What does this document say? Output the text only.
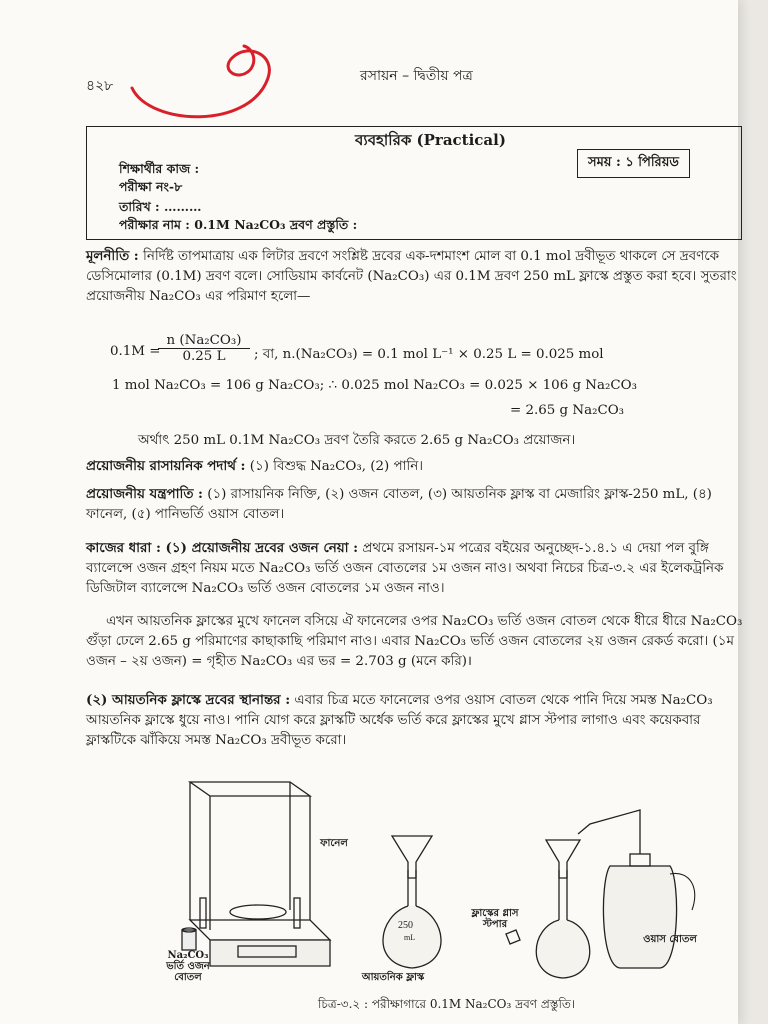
৪২৮
রসায়ন – দ্বিতীয় পত্র
ব্যবহারিক (Practical)
সময় : ১ পিরিয়ড
শিক্ষার্থীর কাজ :
পরীক্ষা নং-৮
তারিখ : ………
পরীক্ষার নাম : 0.1M Na₂CO₃ দ্রবণ প্রস্তুতি :
মূলনীতি : নির্দিষ্ট তাপমাত্রায় এক লিটার দ্রবণে সংশ্লিষ্ট দ্রবের এক-দশমাংশ মোল বা 0.1 mol দ্রবীভূত থাকলে সে দ্রবণকে ডেসিমোলার (0.1M) দ্রবণ বলে। সোডিয়াম কার্বনেট (Na₂CO₃) এর 0.1M দ্রবণ 250 mL ফ্লাস্কে প্রস্তুত করা হবে। সুতরাং প্রয়োজনীয় Na₂CO₃ এর পরিমাণ হলো—
0.1M =
$\frac{\text{n (Na₂CO₃)}}{0.25 L}$ ; বা, n.(Na₂CO₃) = 0.1 mol L⁻¹ × 0.25 L = 0.025 mol
1 mol Na₂CO₃ = 106 g Na₂CO₃; ∴ 0.025 mol Na₂CO₃ = 0.025 × 106 g Na₂CO₃
= 2.65 g Na₂CO₃
অর্থাৎ 250 mL 0.1M Na₂CO₃ দ্রবণ তৈরি করতে 2.65 g Na₂CO₃ প্রয়োজন।
প্রয়োজনীয় রাসায়নিক পদার্থ : (১) বিশুদ্ধ Na₂CO₃, (2) পানি।
প্রয়োজনীয় যন্ত্রপাতি : (১) রাসায়নিক নিক্তি, (২) ওজন বোতল, (৩) আয়তনিক ফ্লাস্ক বা মেজারিং ফ্লাস্ক-250 mL, (৪) ফানেল, (৫) পানিভর্তি ওয়াস বোতল।
কাজের ধারা : (১) প্রয়োজনীয় দ্রবের ওজন নেয়া : প্রথমে রসায়ন-১ম পত্রের বইয়ের অনুচ্ছেদ-১.৪.১ এ দেয়া পল বুঙ্গি ব্যালেন্সে ওজন গ্রহণ নিয়ম মতে Na₂CO₃ ভর্তি ওজন বোতলের ১ম ওজন নাও। অথবা নিচের চিত্র-৩.২ এর ইলেকট্রনিক ডিজিটাল ব্যালেন্সে Na₂CO₃ ভর্তি ওজন বোতলের ১ম ওজন নাও।
এখন আয়তনিক ফ্লাস্কের মুখে ফানেল বসিয়ে ঐ ফানেলের ওপর Na₂CO₃ ভর্তি ওজন বোতল থেকে ধীরে ধীরে Na₂CO₃ গুঁড়া ঢেলে 2.65 g পরিমাণের কাছাকাছি পরিমাণ নাও। এবার Na₂CO₃ ভর্তি ওজন বোতলের ২য় ওজন রেকর্ড করো। (১ম ওজন – ২য় ওজন) = গৃহীত Na₂CO₃ এর ভর = 2.703 g (মনে করি)।
(২) আয়তনিক ফ্লাস্কে দ্রবের স্থানান্তর : এবার চিত্র মতে ফানেলের ওপর ওয়াস বোতল থেকে পানি দিয়ে সমস্ত Na₂CO₃ আয়তনিক ফ্লাস্কে ধুয়ে নাও। পানি যোগ করে ফ্লাস্কটি অর্ধেক ভর্তি করে ফ্লাস্কের মুখে গ্লাস স্টপার লাগাও এবং কয়েকবার ফ্লাস্কটিকে ঝাঁকিয়ে সমস্ত Na₂CO₃ দ্রবীভূত করো।
250
mL
ফানেল
আয়তনিক ফ্লাস্ক
ফ্লাস্কের গ্লাস স্টপার
ওয়াস বোতল
Na₂CO₃ ভর্তি ওজন বোতল
চিত্র-৩.২ : পরীক্ষাগারে 0.1M Na₂CO₃ দ্রবণ প্রস্তুতি।
